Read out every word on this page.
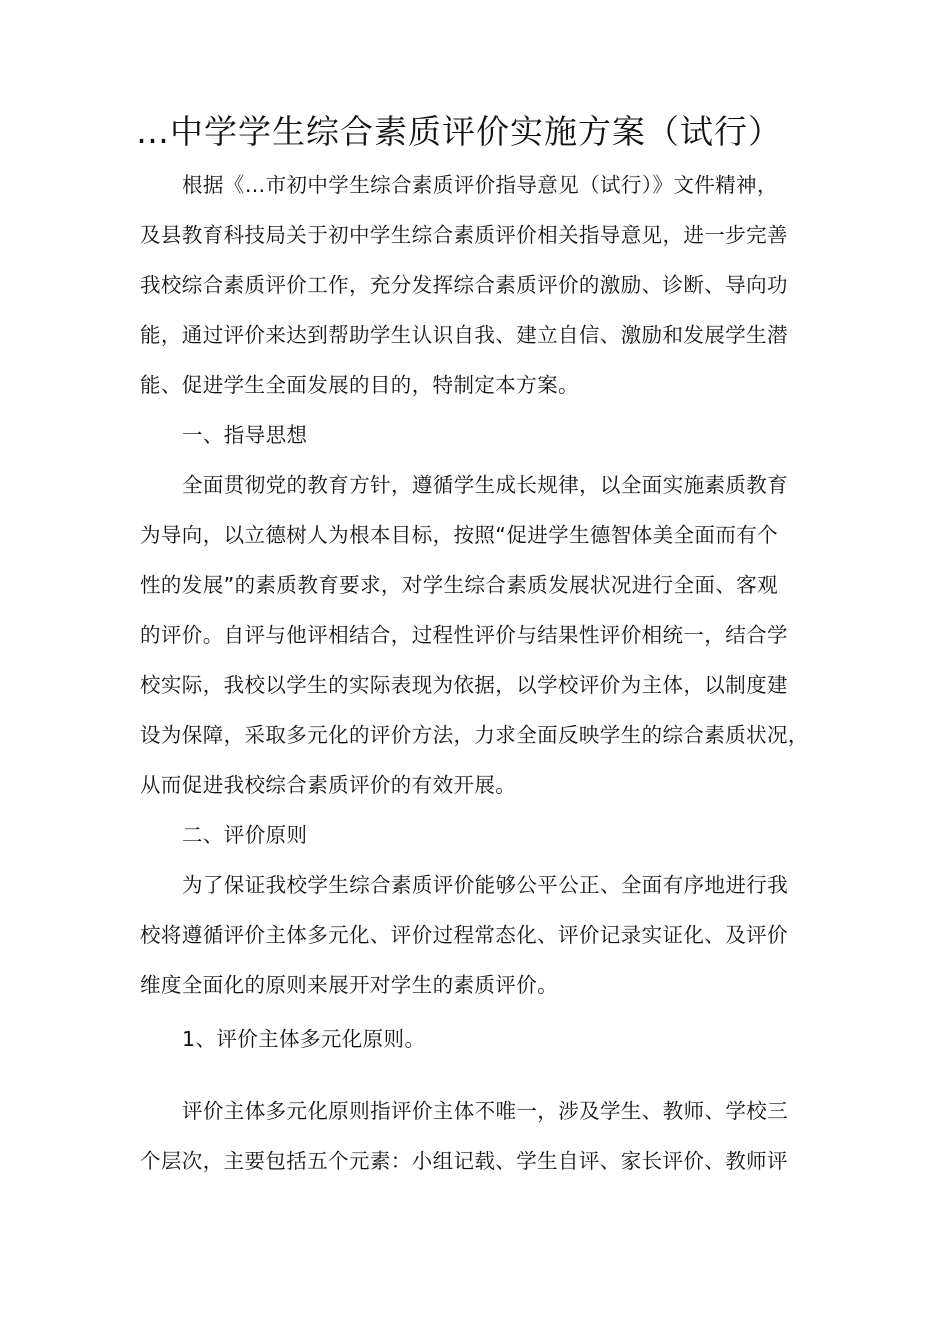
…中学学生综合素质评价实施方案（试行）
根据《…市初中学生综合素质评价指导意见（试行）》文件精神，
及县教育科技局关于初中学生综合素质评价相关指导意见，进一步完善
我校综合素质评价工作，充分发挥综合素质评价的激励、诊断、导向功
能，通过评价来达到帮助学生认识自我、建立自信、激励和发展学生潜
能、促进学生全面发展的目的，特制定本方案。
一、指导思想
全面贯彻党的教育方针，遵循学生成长规律，以全面实施素质教育
为导向，以立德树人为根本目标，按照“促进学生德智体美全面而有个
性的发展”的素质教育要求，对学生综合素质发展状况进行全面、客观
的评价。自评与他评相结合，过程性评价与结果性评价相统一，结合学
校实际，我校以学生的实际表现为依据，以学校评价为主体，以制度建
设为保障，采取多元化的评价方法，力求全面反映学生的综合素质状况，
从而促进我校综合素质评价的有效开展。
二、评价原则
为了保证我校学生综合素质评价能够公平公正、全面有序地进行我
校将遵循评价主体多元化、评价过程常态化、评价记录实证化、及评价
维度全面化的原则来展开对学生的素质评价。
1、评价主体多元化原则。
评价主体多元化原则指评价主体不唯一，涉及学生、教师、学校三
个层次，主要包括五个元素：小组记载、学生自评、家长评价、教师评
